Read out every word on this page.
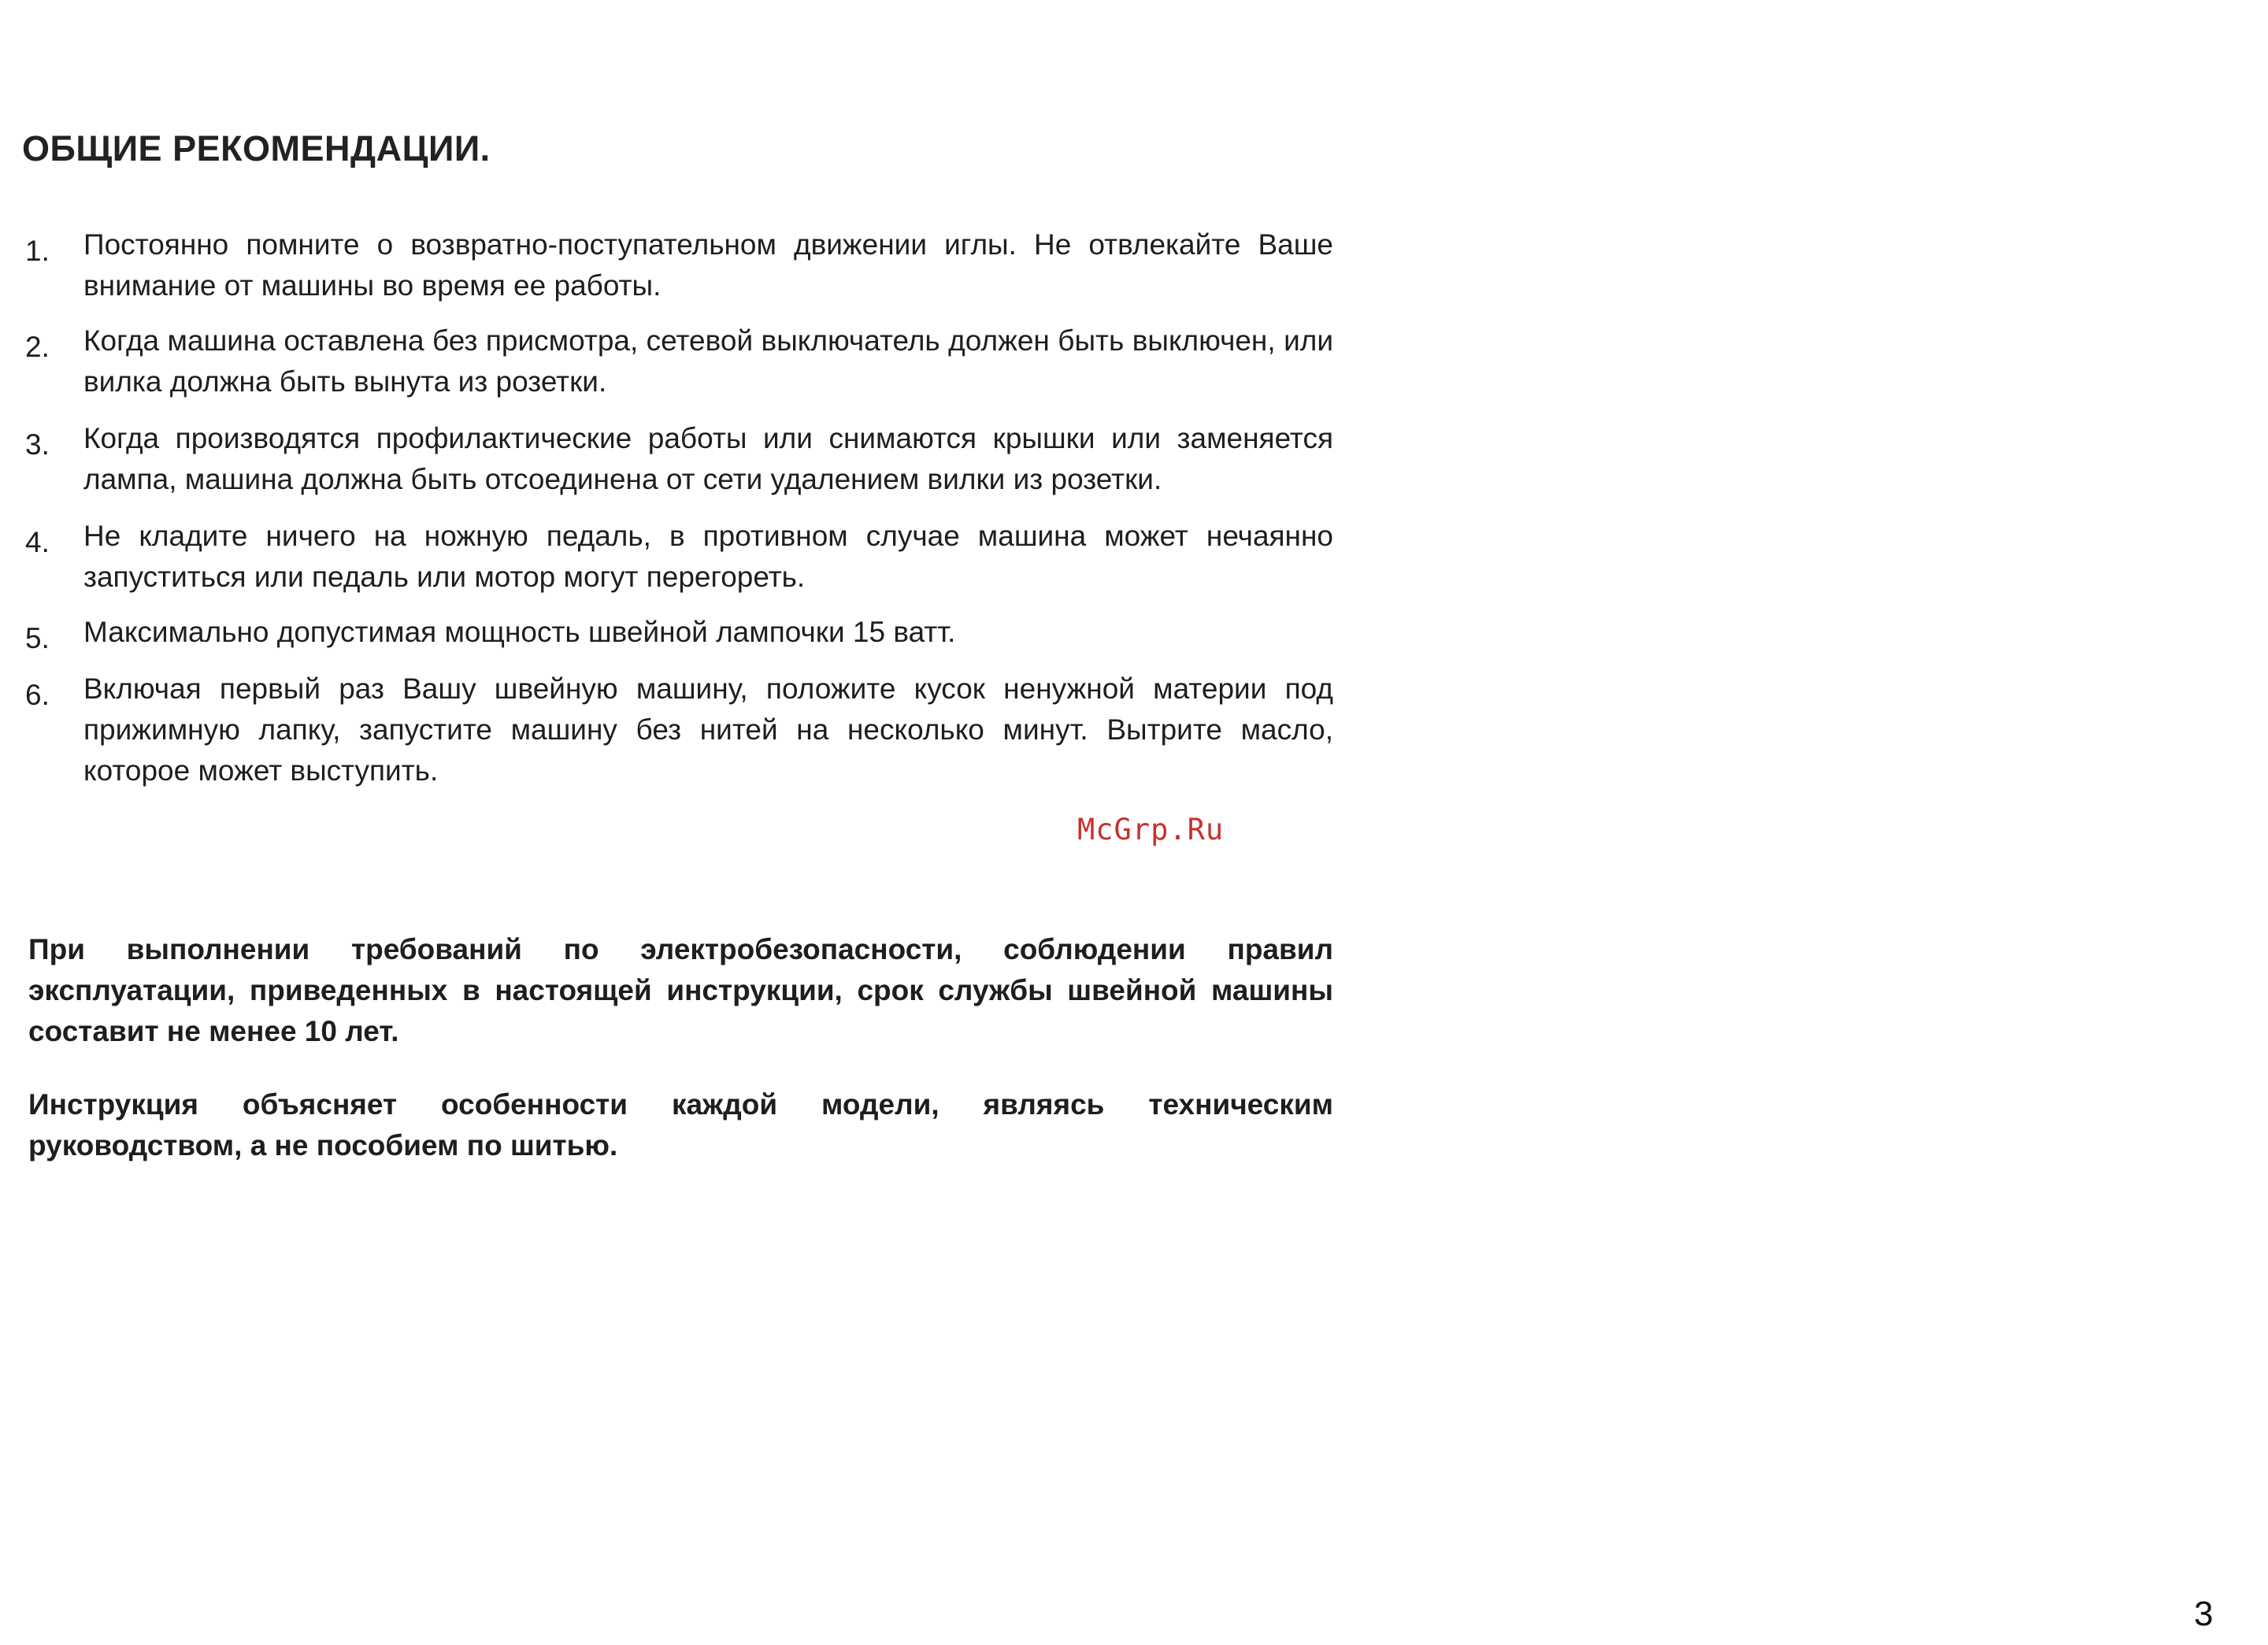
ОБЩИЕ РЕКОМЕНДАЦИИ.
1.	Постоянно помните о возвратно-поступательном движении иглы. Не отвлекайте Ваше внимание от машины во время ее работы.
2.	Когда машина оставлена без присмотра, сетевой выключатель должен быть выключен, или вилка должна быть вынута из розетки.
3.	Когда производятся профилактические работы или снимаются крышки или заменяется лампа, машина должна быть отсоединена от сети удалением вилки из розетки.
4.	Не кладите ничего на ножную педаль, в противном случае машина может нечаянно запуститься или педаль или мотор могут перегореть.
5.	Максимально допустимая мощность швейной лампочки 15 ватт.
6.	Включая первый раз Вашу швейную машину, положите кусок ненужной материи под прижимную лапку, запустите машину без нитей на несколько минут. Вытрите масло, которое может выступить.
McGrp.Ru

При выполнении требований по электробезопасности, соблюдении правил эксплуатации, приведенных в настоящей инструкции, срок службы швейной машины составит не менее 10 лет.

Инструкция объясняет особенности каждой модели, являясь техническим руководством, а не пособием по шитью.

3
